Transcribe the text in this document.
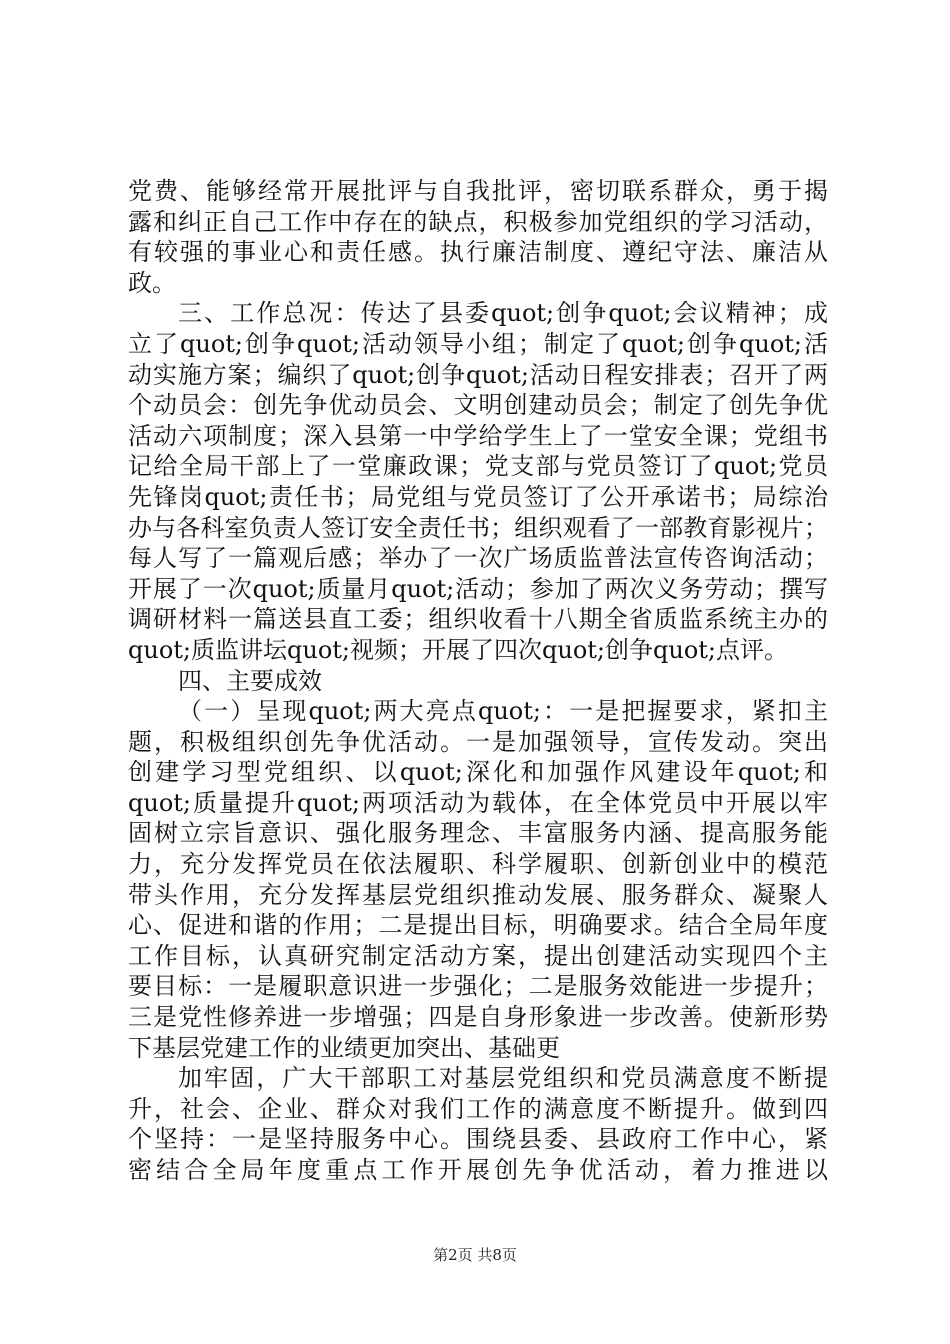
党费、能够经常开展批评与自我批评，密切联系群众，勇于揭
露和纠正自己工作中存在的缺点，积极参加党组织的学习活动，
有较强的事业心和责任感。执行廉洁制度、遵纪守法、廉洁从
政。
三、工作总况：传达了县委quot;创争quot;会议精神；成
立了quot;创争quot;活动领导小组；制定了quot;创争quot;活
动实施方案；编织了quot;创争quot;活动日程安排表；召开了两
个动员会：创先争优动员会、文明创建动员会；制定了创先争优
活动六项制度；深入县第一中学给学生上了一堂安全课；党组书
记给全局干部上了一堂廉政课；党支部与党员签订了quot;党员
先锋岗quot;责任书；局党组与党员签订了公开承诺书；局综治
办与各科室负责人签订安全责任书；组织观看了一部教育影视片；
每人写了一篇观后感；举办了一次广场质监普法宣传咨询活动；
开展了一次quot;质量月quot;活动；参加了两次义务劳动；撰写
调研材料一篇送县直工委；组织收看十八期全省质监系统主办的
quot;质监讲坛quot;视频；开展了四次quot;创争quot;点评。
四、主要成效
（一）呈现quot;两大亮点quot;：一是把握要求，紧扣主
题，积极组织创先争优活动。一是加强领导，宣传发动。突出
创建学习型党组织、以quot;深化和加强作风建设年quot;和
quot;质量提升quot;两项活动为载体，在全体党员中开展以牢
固树立宗旨意识、强化服务理念、丰富服务内涵、提高服务能
力，充分发挥党员在依法履职、科学履职、创新创业中的模范
带头作用，充分发挥基层党组织推动发展、服务群众、凝聚人
心、促进和谐的作用；二是提出目标，明确要求。结合全局年度
工作目标，认真研究制定活动方案，提出创建活动实现四个主
要目标：一是履职意识进一步强化；二是服务效能进一步提升；
三是党性修养进一步增强；四是自身形象进一步改善。使新形势
下基层党建工作的业绩更加突出、基础更
加牢固，广大干部职工对基层党组织和党员满意度不断提
升，社会、企业、群众对我们工作的满意度不断提升。做到四
个坚持：一是坚持服务中心。围绕县委、县政府工作中心，紧
密结合全局年度重点工作开展创先争优活动，着力推进以
第2页 共8页
